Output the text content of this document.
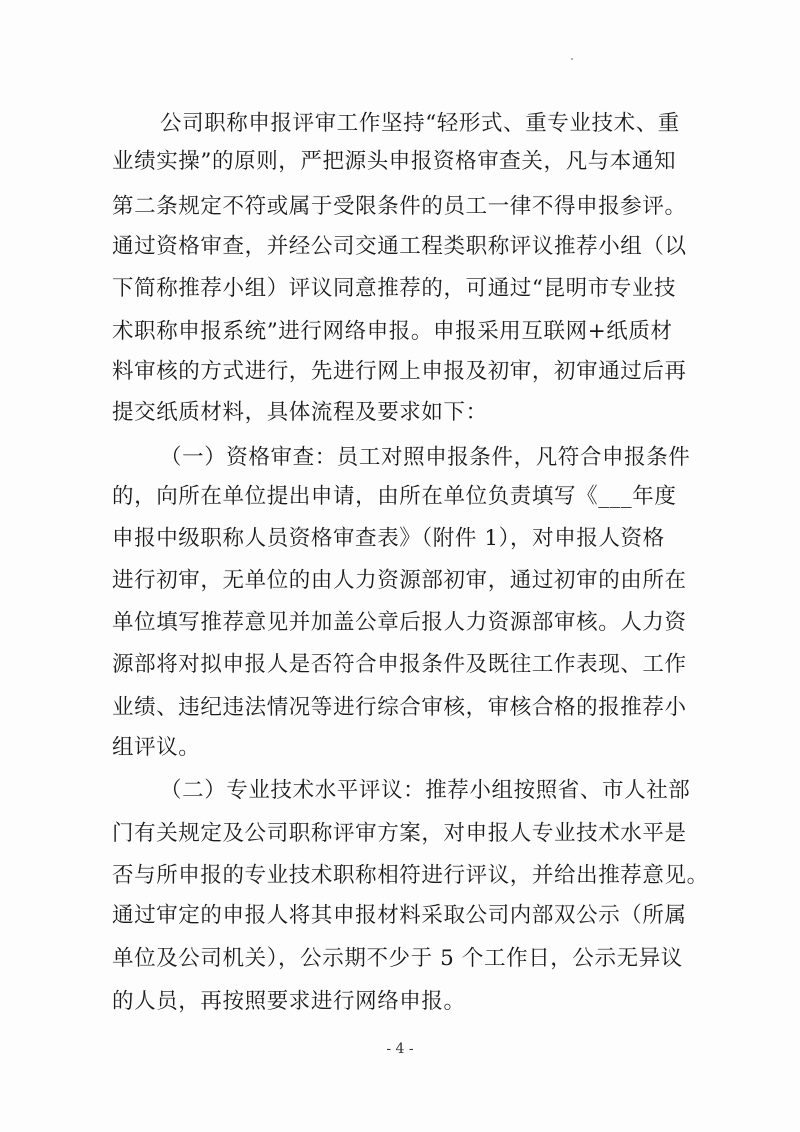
公司职称申报评审工作坚持“轻形式、重专业技术、重
业绩实操”的原则，严把源头申报资格审查关，凡与本通知
第二条规定不符或属于受限条件的员工一律不得申报参评。
通过资格审查，并经公司交通工程类职称评议推荐小组（以
下简称推荐小组）评议同意推荐的，可通过“昆明市专业技
术职称申报系统”进行网络申报。申报采用互联网+纸质材
料审核的方式进行，先进行网上申报及初审，初审通过后再
提交纸质材料，具体流程及要求如下：
（一）资格审查：员工对照申报条件，凡符合申报条件
的，向所在单位提出申请，由所在单位负责填写《___年度
申报中级职称人员资格审查表》（附件 1），对申报人资格
进行初审，无单位的由人力资源部初审，通过初审的由所在
单位填写推荐意见并加盖公章后报人力资源部审核。人力资
源部将对拟申报人是否符合申报条件及既往工作表现、工作
业绩、违纪违法情况等进行综合审核，审核合格的报推荐小
组评议。
（二）专业技术水平评议：推荐小组按照省、市人社部
门有关规定及公司职称评审方案，对申报人专业技术水平是
否与所申报的专业技术职称相符进行评议，并给出推荐意见。
通过审定的申报人将其申报材料采取公司内部双公示（所属
单位及公司机关），公示期不少于 5 个工作日，公示无异议
的人员，再按照要求进行网络申报。
- 4 -
